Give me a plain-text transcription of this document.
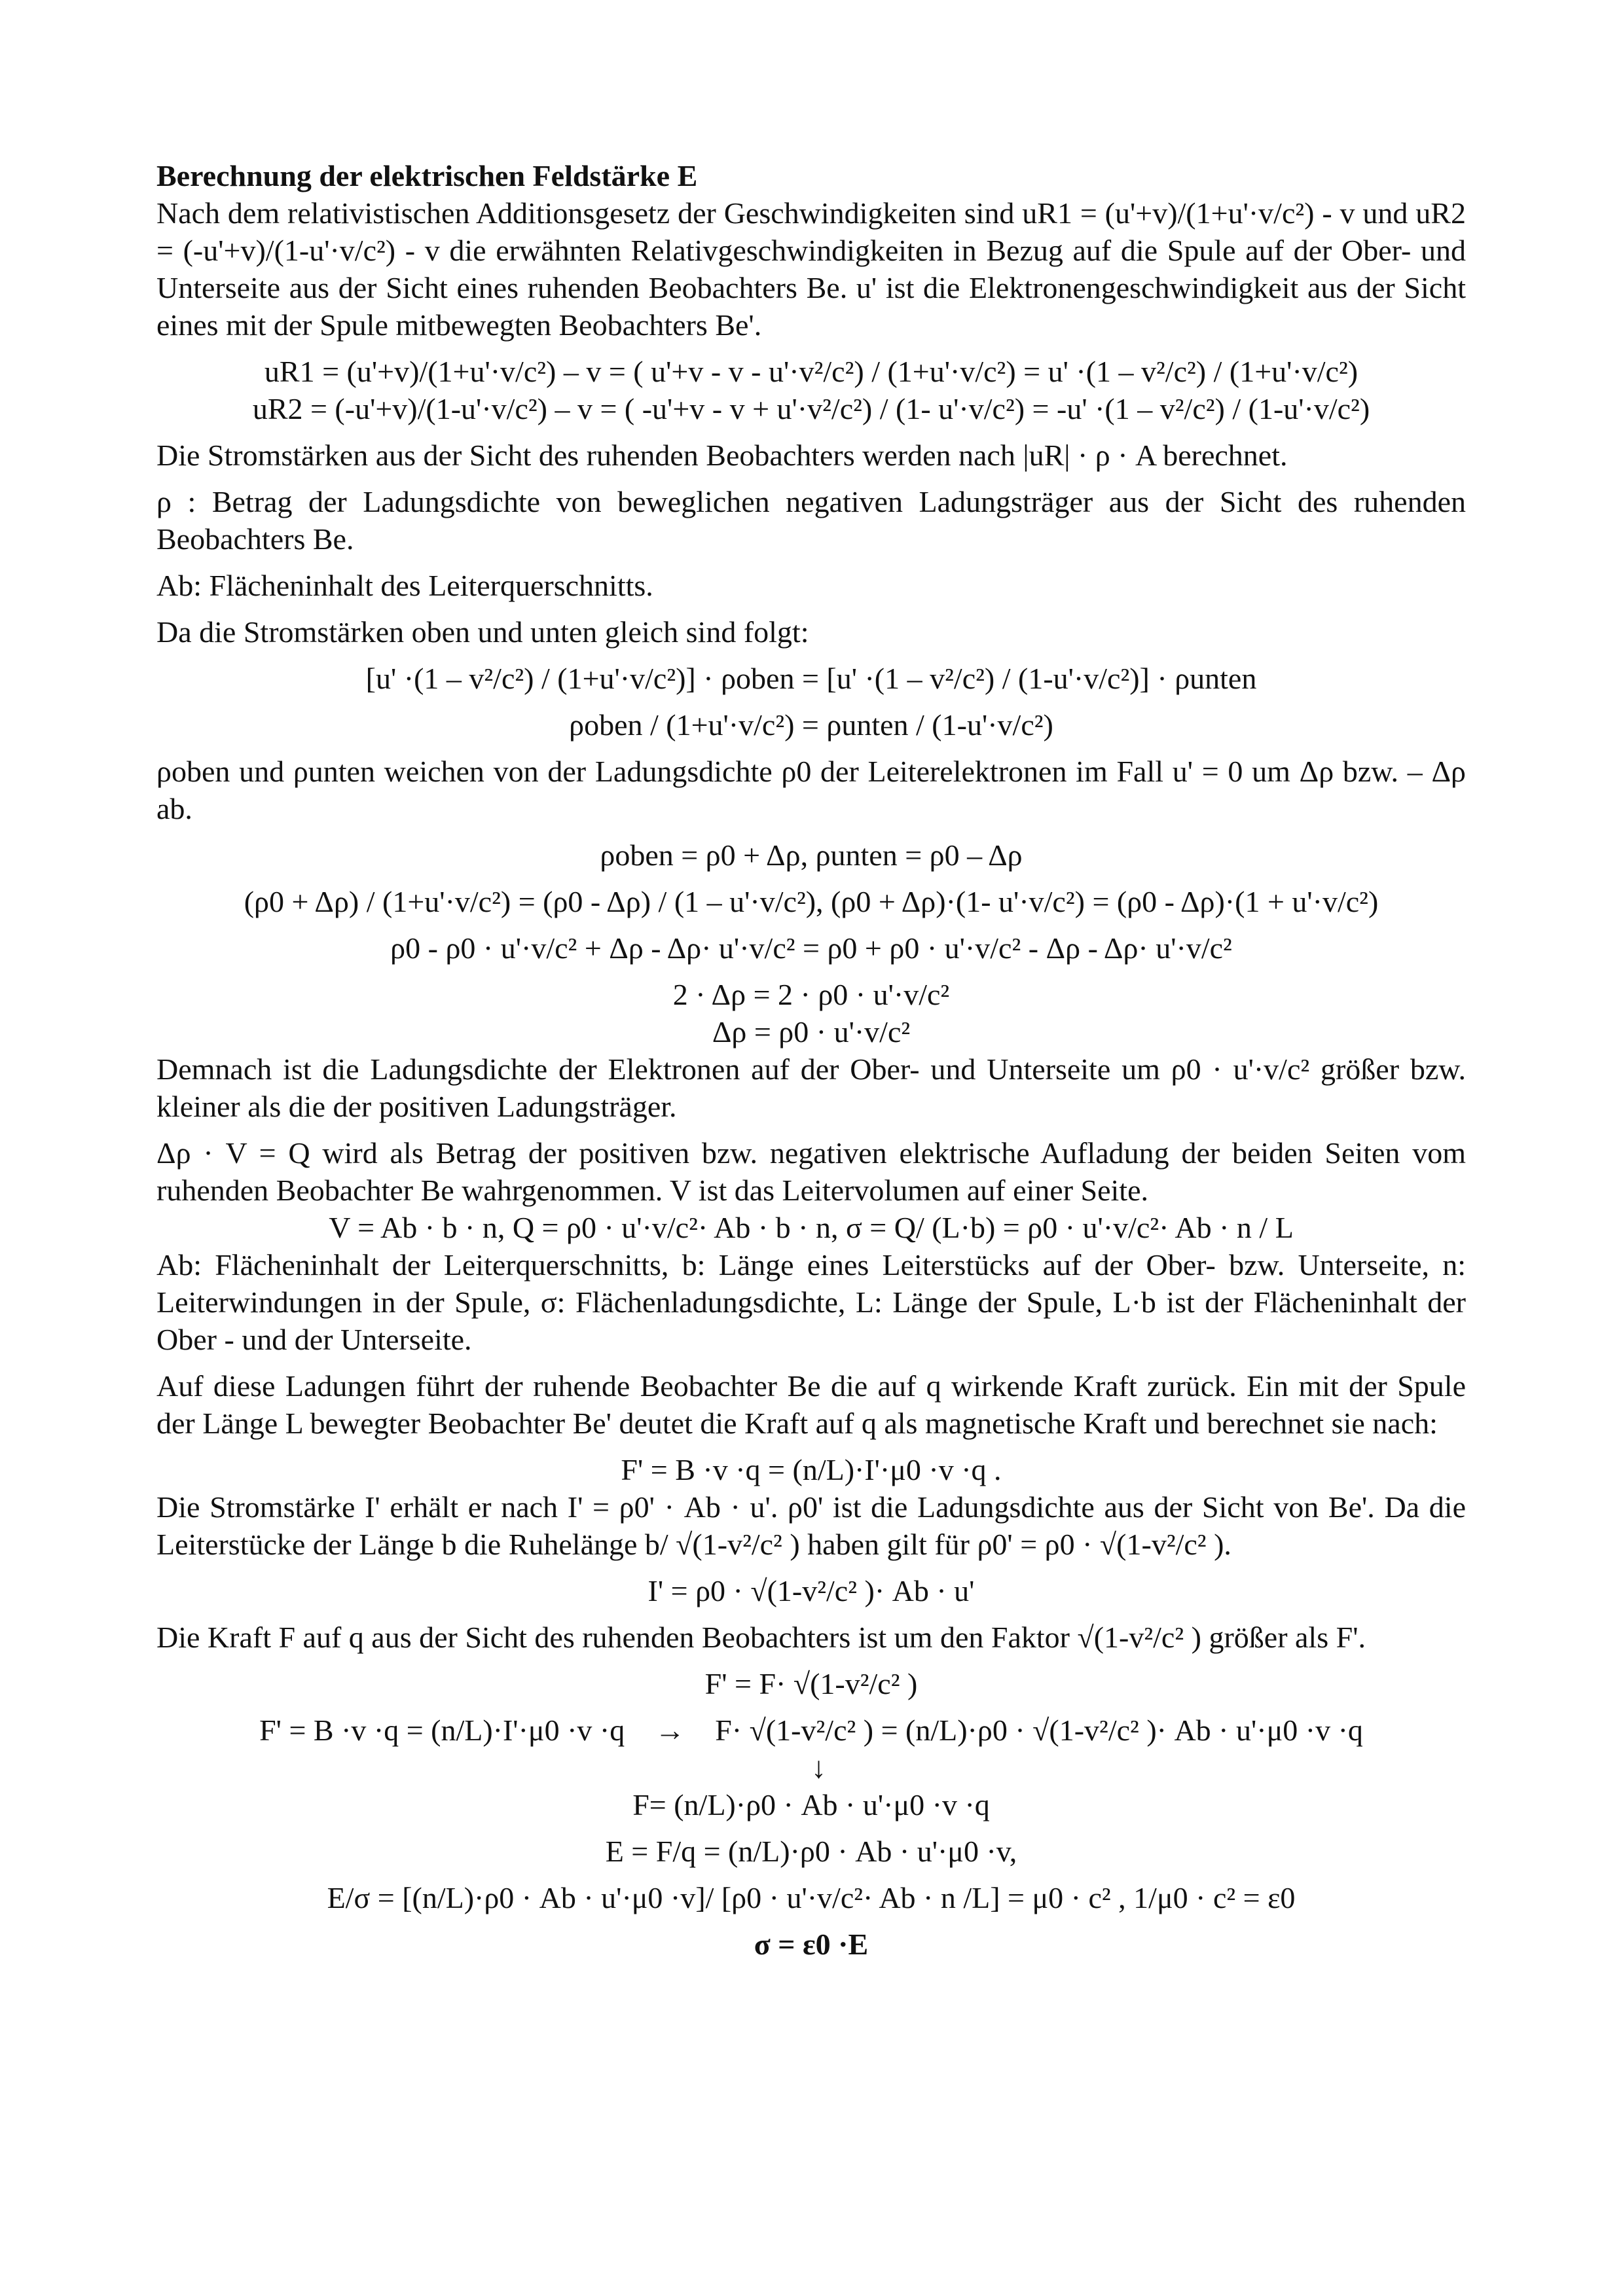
Berechnung der elektrischen Feldstärke E

Nach dem relativistischen Additionsgesetz der Geschwindigkeiten sind uR1 = (u'+v)/(1+u'·v/c²) - v und uR2 = (-u'+v)/(1-u'·v/c²) - v die erwähnten Relativgeschwindigkeiten in Bezug auf die Spule auf der Ober- und Unterseite aus der Sicht eines ruhenden Beobachters Be. u' ist die Elektronengeschwindigkeit aus der Sicht eines mit der Spule mitbewegten Beobachters Be'.

uR1 = (u'+v)/(1+u'·v/c²) – v = ( u'+v - v - u'·v²/c²) / (1+u'·v/c²) = u' ·(1 – v²/c²) / (1+u'·v/c²)

uR2 = (-u'+v)/(1-u'·v/c²) – v = ( -u'+v - v + u'·v²/c²) / (1- u'·v/c²) = -u' ·(1 – v²/c²) / (1-u'·v/c²)

Die Stromstärken aus der Sicht des ruhenden Beobachters werden nach |uR| · ρ · A berechnet.

ρ : Betrag der Ladungsdichte von beweglichen negativen Ladungsträger aus der Sicht des ruhenden Beobachters Be.

Ab: Flächeninhalt des Leiterquerschnitts.

Da die Stromstärken oben und unten gleich sind folgt:

[u' ·(1 – v²/c²) / (1+u'·v/c²)] · ρoben = [u' ·(1 – v²/c²) / (1-u'·v/c²)] · ρunten

ρoben / (1+u'·v/c²) = ρunten / (1-u'·v/c²)

ρoben und ρunten weichen von der Ladungsdichte ρ0 der Leiterelektronen im Fall u' = 0 um Δρ bzw. – Δρ ab.

ρoben = ρ0 + Δρ, ρunten = ρ0 – Δρ

(ρ0 + Δρ) / (1+u'·v/c²) = (ρ0 - Δρ) / (1 – u'·v/c²), (ρ0 + Δρ)·(1- u'·v/c²) = (ρ0 - Δρ)·(1 + u'·v/c²)

ρ0 - ρ0 · u'·v/c² + Δρ - Δρ· u'·v/c² = ρ0 + ρ0 · u'·v/c² - Δρ - Δρ· u'·v/c²

2 · Δρ = 2 · ρ0 · u'·v/c²

Δρ = ρ0 · u'·v/c²

Demnach ist die Ladungsdichte der Elektronen auf der Ober- und Unterseite um ρ0 · u'·v/c² größer bzw. kleiner als die der positiven Ladungsträger.

Δρ · V = Q wird als Betrag der positiven bzw. negativen elektrische Aufladung der beiden Seiten vom ruhenden Beobachter Be wahrgenommen. V ist das Leitervolumen auf einer Seite.

V = Ab · b · n, Q = ρ0 · u'·v/c²· Ab · b · n, σ = Q/ (L·b) = ρ0 · u'·v/c²· Ab · n / L

Ab: Flächeninhalt der Leiterquerschnitts, b: Länge eines Leiterstücks auf der Ober- bzw. Unterseite, n: Leiterwindungen in der Spule, σ: Flächenladungsdichte, L: Länge der Spule, L·b ist der Flächeninhalt der Ober - und der Unterseite.

Auf diese Ladungen führt der ruhende Beobachter Be die auf q wirkende Kraft zurück. Ein mit der Spule der Länge L bewegter Beobachter Be' deutet die Kraft auf q als magnetische Kraft und berechnet sie nach:

F' = B ·v ·q = (n/L)·I'·μ0 ·v ·q .

Die Stromstärke I' erhält er nach I' = ρ0' · Ab · u'. ρ0' ist die Ladungsdichte aus der Sicht von Be'. Da die Leiterstücke der Länge b die Ruhelänge b/ √(1-v²/c² ) haben gilt für ρ0' = ρ0 · √(1-v²/c² ).

I' = ρ0 · √(1-v²/c² )· Ab · u'

Die Kraft F auf q aus der Sicht des ruhenden Beobachters ist um den Faktor √(1-v²/c² ) größer als F'.

F' = F· √(1-v²/c² )

F' = B ·v ·q = (n/L)·I'·μ0 ·v ·q → F· √(1-v²/c² ) = (n/L)·ρ0 · √(1-v²/c² )· Ab · u'·μ0 ·v ·q

↓

F= (n/L)·ρ0 · Ab · u'·μ0 ·v ·q

E = F/q = (n/L)·ρ0 · Ab · u'·μ0 ·v,

E/σ = [(n/L)·ρ0 · Ab · u'·μ0 ·v]/ [ρ0 · u'·v/c²· Ab · n /L] = μ0 · c² , 1/μ0 · c² = ε0

σ = ε0 ·E
